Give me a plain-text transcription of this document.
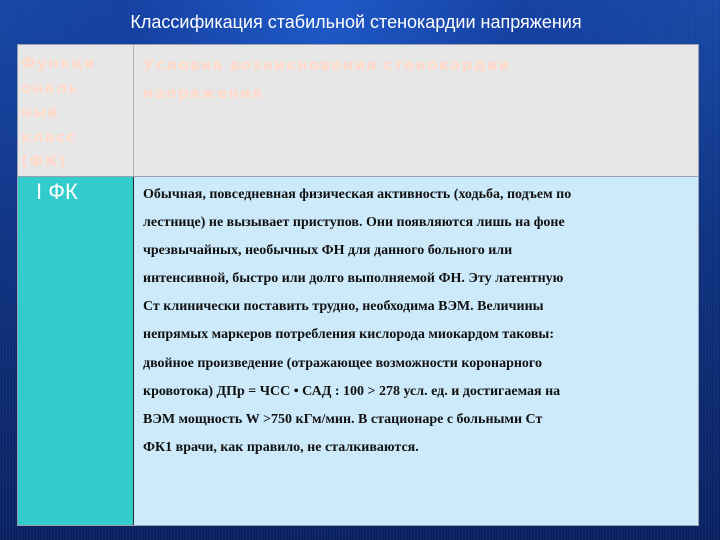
Классификация стабильной стенокардии напряжения
Функци
ональ
ный
класс
(ФК)
Условия возникновения стенокардии
напряжения
I ФК	Обычная, повседневная физическая активность (ходьба, подъем по
лестнице) не вызывает приступов. Они появляются лишь на фоне
чрезвычайных, необычных ФН для данного больного или
интенсивной, быстро или долго выполняемой ФН. Эту латентную
Ст клинически поставить трудно, необходима ВЭМ. Величины
непрямых маркеров потребления кислорода миокардом таковы:
двойное произведение (отражающее возможности коронарного
кровотока) ДПр = ЧСС • САД : 100 > 278 усл. ед. и достигаемая на
ВЭМ мощность W >750 кГм/мин. В стационаре с больными Ст
ФК1 врачи, как правило, не сталкиваются.
